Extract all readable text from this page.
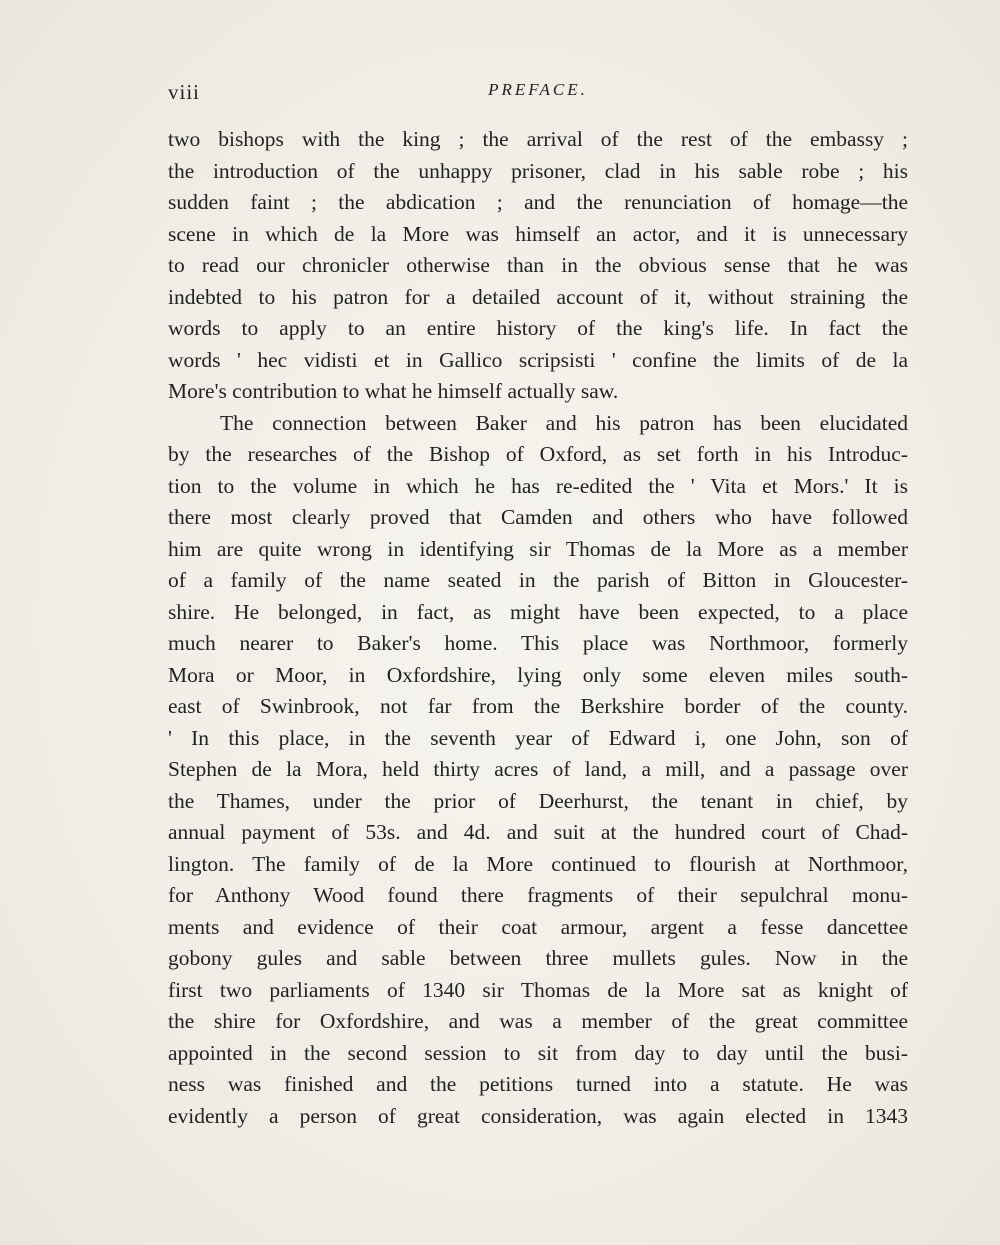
viii	PREFACE.
two bishops with the king ; the arrival of the rest of the embassy ;
the introduction of the unhappy prisoner, clad in his sable robe ; his
sudden faint ; the abdication ; and the renunciation of homage—the
scene in which de la More was himself an actor, and it is unnecessary
to read our chronicler otherwise than in the obvious sense that he was
indebted to his patron for a detailed account of it, without straining the
words to apply to an entire history of the king's life. In fact the
words ' hec vidisti et in Gallico scripsisti ' confine the limits of de la
More's contribution to what he himself actually saw.
The connection between Baker and his patron has been elucidated
by the researches of the Bishop of Oxford, as set forth in his Introduc-
tion to the volume in which he has re-edited the ' Vita et Mors.' It is
there most clearly proved that Camden and others who have followed
him are quite wrong in identifying sir Thomas de la More as a member
of a family of the name seated in the parish of Bitton in Gloucester-
shire. He belonged, in fact, as might have been expected, to a place
much nearer to Baker's home. This place was Northmoor, formerly
Mora or Moor, in Oxfordshire, lying only some eleven miles south-
east of Swinbrook, not far from the Berkshire border of the county.
' In this place, in the seventh year of Edward i, one John, son of
Stephen de la Mora, held thirty acres of land, a mill, and a passage over
the Thames, under the prior of Deerhurst, the tenant in chief, by
annual payment of 53s. and 4d. and suit at the hundred court of Chad-
lington. The family of de la More continued to flourish at Northmoor,
for Anthony Wood found there fragments of their sepulchral monu-
ments and evidence of their coat armour, argent a fesse dancettee
gobony gules and sable between three mullets gules. Now in the
first two parliaments of 1340 sir Thomas de la More sat as knight of
the shire for Oxfordshire, and was a member of the great committee
appointed in the second session to sit from day to day until the busi-
ness was finished and the petitions turned into a statute. He was
evidently a person of great consideration, was again elected in 1343
